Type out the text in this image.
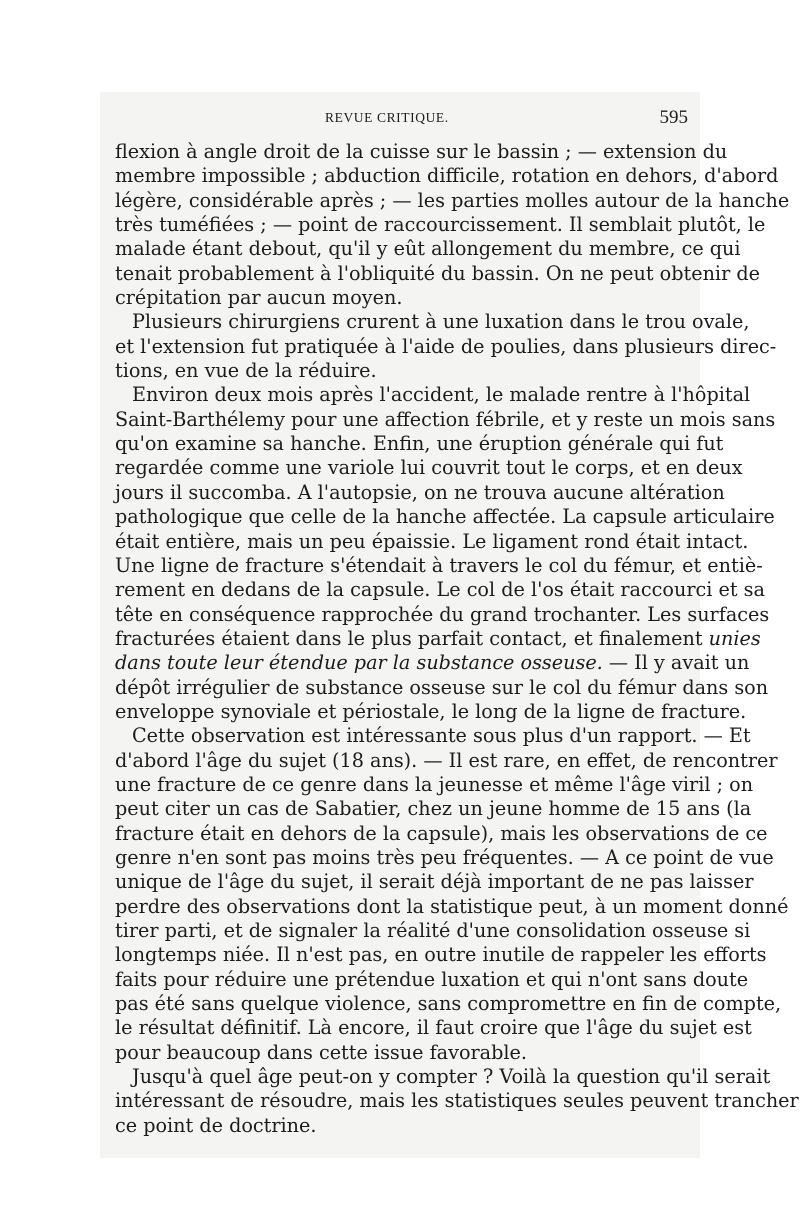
REVUE CRITIQUE.	595
flexion à angle droit de la cuisse sur le bassin ; — extension du
membre impossible ; abduction difficile, rotation en dehors, d'abord
légère, considérable après ; — les parties molles autour de la hanche
très tuméfiées ; — point de raccourcissement. Il semblait plutôt, le
malade étant debout, qu'il y eût allongement du membre, ce qui
tenait probablement à l'obliquité du bassin. On ne peut obtenir de
crépitation par aucun moyen.
Plusieurs chirurgiens crurent à une luxation dans le trou ovale,
et l'extension fut pratiquée à l'aide de poulies, dans plusieurs direc-
tions, en vue de la réduire.
Environ deux mois après l'accident, le malade rentre à l'hôpital
Saint-Barthélemy pour une affection fébrile, et y reste un mois sans
qu'on examine sa hanche. Enfin, une éruption générale qui fut
regardée comme une variole lui couvrit tout le corps, et en deux
jours il succomba. A l'autopsie, on ne trouva aucune altération
pathologique que celle de la hanche affectée. La capsule articulaire
était entière, mais un peu épaissie. Le ligament rond était intact.
Une ligne de fracture s'étendait à travers le col du fémur, et entiè-
rement en dedans de la capsule. Le col de l'os était raccourci et sa
tête en conséquence rapprochée du grand trochanter. Les surfaces
fracturées étaient dans le plus parfait contact, et finalement unies
dans toute leur étendue par la substance osseuse. — Il y avait un
dépôt irrégulier de substance osseuse sur le col du fémur dans son
enveloppe synoviale et périostale, le long de la ligne de fracture.
Cette observation est intéressante sous plus d'un rapport. — Et
d'abord l'âge du sujet (18 ans). — Il est rare, en effet, de rencontrer
une fracture de ce genre dans la jeunesse et même l'âge viril ; on
peut citer un cas de Sabatier, chez un jeune homme de 15 ans (la
fracture était en dehors de la capsule), mais les observations de ce
genre n'en sont pas moins très peu fréquentes. — A ce point de vue
unique de l'âge du sujet, il serait déjà important de ne pas laisser
perdre des observations dont la statistique peut, à un moment donné
tirer parti, et de signaler la réalité d'une consolidation osseuse si
longtemps niée. Il n'est pas, en outre inutile de rappeler les efforts
faits pour réduire une prétendue luxation et qui n'ont sans doute
pas été sans quelque violence, sans compromettre en fin de compte,
le résultat définitif. Là encore, il faut croire que l'âge du sujet est
pour beaucoup dans cette issue favorable.
Jusqu'à quel âge peut-on y compter ? Voilà la question qu'il serait
intéressant de résoudre, mais les statistiques seules peuvent trancher
ce point de doctrine.
